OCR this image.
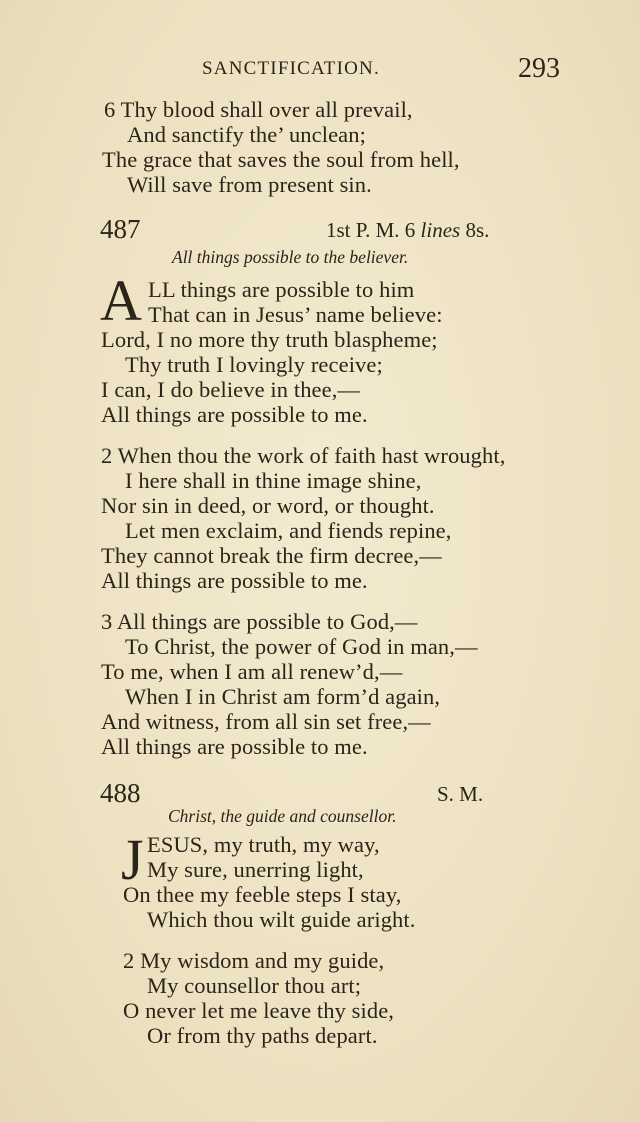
SANCTIFICATION.	293
6 Thy blood shall over all prevail,
And sanctify the’ unclean;
The grace that saves the soul from hell,
Will save from present sin.
487	1st P. M. 6 lines 8s.
All things possible to the believer.
A LL things are possible to him
That can in Jesus’ name believe:
Lord, I no more thy truth blaspheme;
Thy truth I lovingly receive;
I can, I do believe in thee,—
All things are possible to me.
2 When thou the work of faith hast wrought,
I here shall in thine image shine,
Nor sin in deed, or word, or thought.
Let men exclaim, and fiends repine,
They cannot break the firm decree,—
All things are possible to me.
3 All things are possible to God,—
To Christ, the power of God in man,—
To me, when I am all renew’d,—
When I in Christ am form’d again,
And witness, from all sin set free,—
All things are possible to me.
488	S. M.
Christ, the guide and counsellor.
J ESUS, my truth, my way,
My sure, unerring light,
On thee my feeble steps I stay,
Which thou wilt guide aright.
2 My wisdom and my guide,
My counsellor thou art;
O never let me leave thy side,
Or from thy paths depart.
